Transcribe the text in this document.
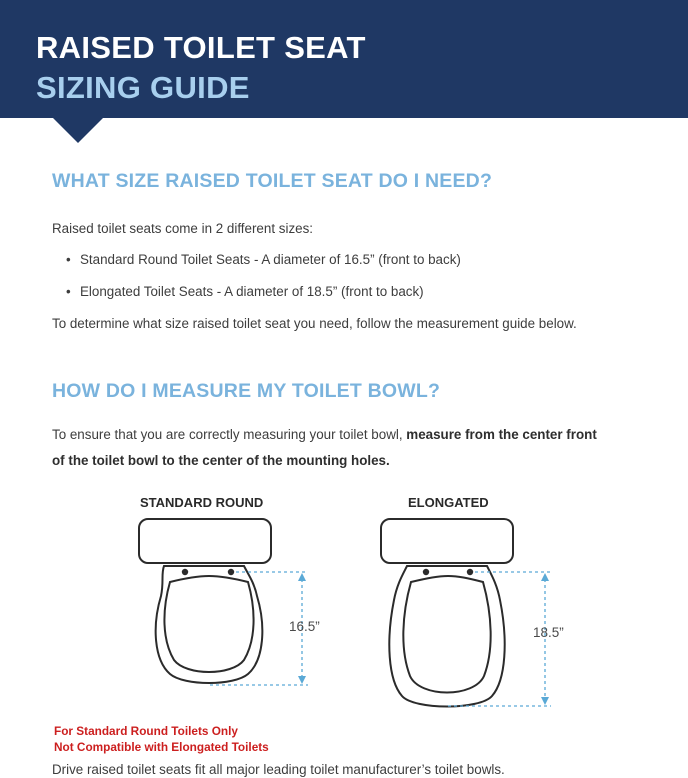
RAISED TOILET SEAT
SIZING GUIDE
WHAT SIZE RAISED TOILET SEAT DO I NEED?
Raised toilet seats come in 2 different sizes:
• Standard Round Toilet Seats - A diameter of 16.5” (front to back)
• Elongated Toilet Seats - A diameter of 18.5” (front to back)
To determine what size raised toilet seat you need, follow the measurement guide below.
HOW DO I MEASURE MY TOILET BOWL?
To ensure that you are correctly measuring your toilet bowl, measure from the center front
of the toilet bowl to the center of the mounting holes.
STANDARD ROUND	ELONGATED
16.5”	18.5”
For Standard Round Toilets Only
Not Compatible with Elongated Toilets
Drive raised toilet seats fit all major leading toilet manufacturer’s toilet bowls.
